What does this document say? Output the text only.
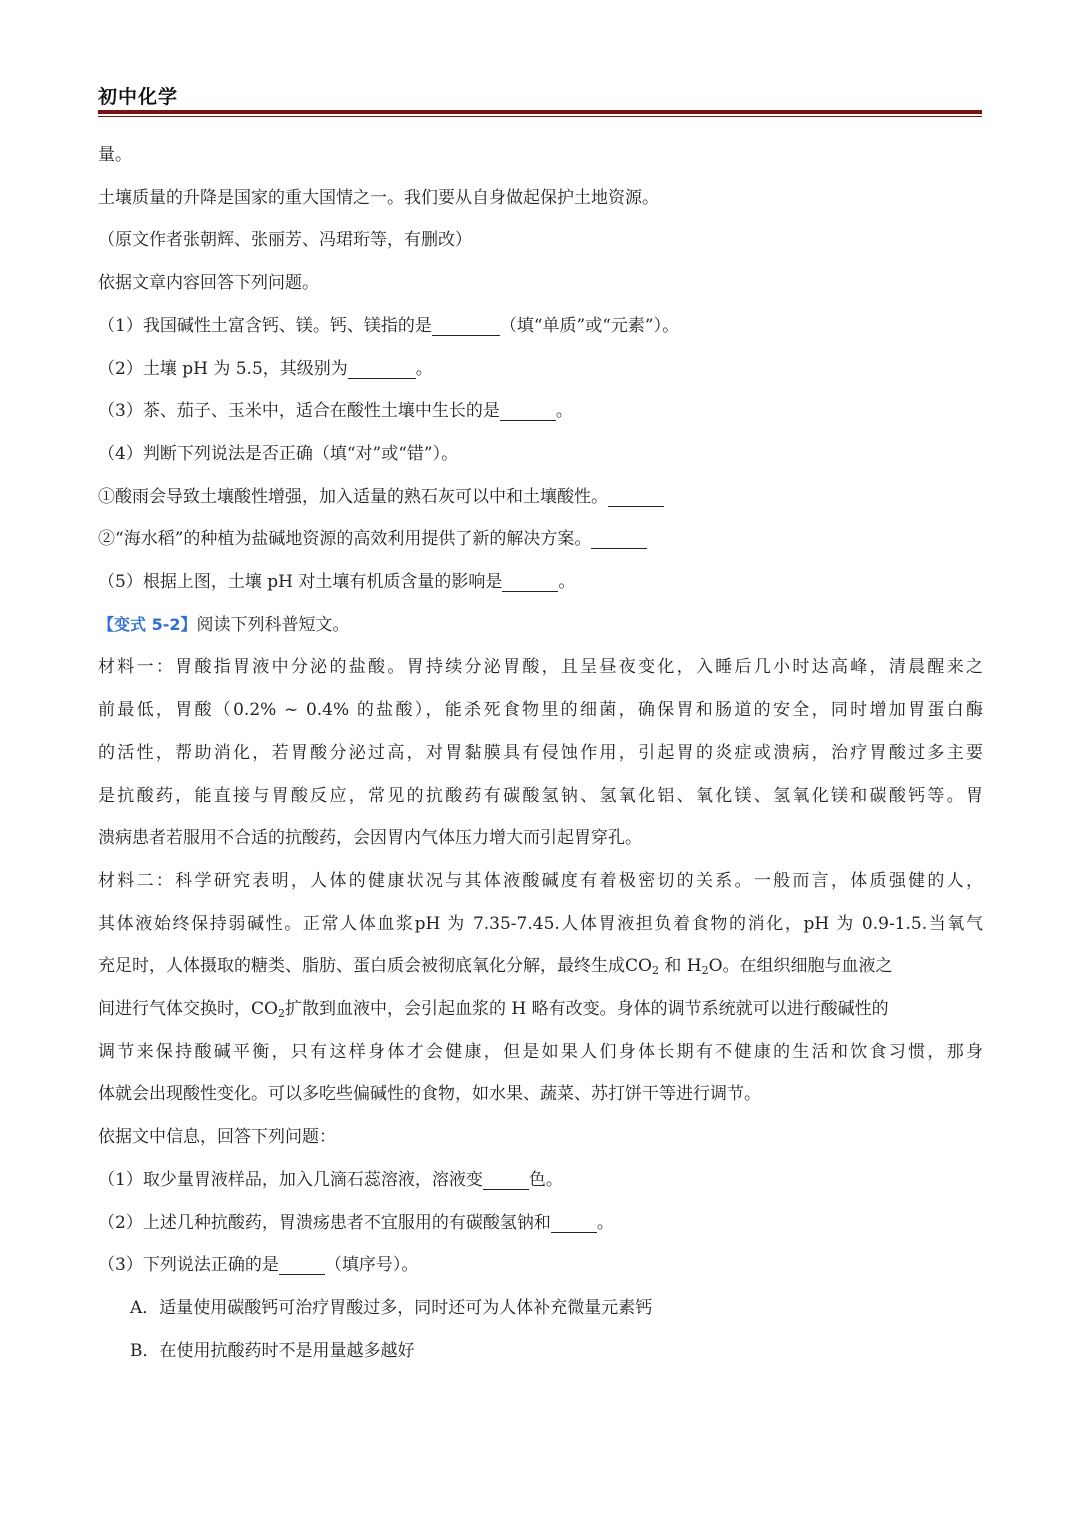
初中化学
量。
土壤质量的升降是国家的重大国情之一。我们要从自身做起保护土地资源。
（原文作者张朝辉、张丽芳、冯珺珩等，有删改）
依据文章内容回答下列问题。
（1）我国碱性土富含钙、镁。钙、镁指的是	（填“单质”或“元素”）。
（2）土壤 pH 为 5.5，其级别为	。
（3）茶、茄子、玉米中，适合在酸性土壤中生长的是	。
（4）判断下列说法是否正确（填“对”或“错”）。
①酸雨会导致土壤酸性增强，加入适量的熟石灰可以中和土壤酸性。
②“海水稻”的种植为盐碱地资源的高效利用提供了新的解决方案。
（5）根据上图，土壤 pH 对土壤有机质含量的影响是	。
【变式 5-2】阅读下列科普短文。
材料一：胃酸指胃液中分泌的盐酸。胃持续分泌胃酸，且呈昼夜变化，入睡后几小时达高峰，清晨醒来之
前最低，胃酸（0.2% ~ 0.4% 的盐酸），能杀死食物里的细菌，确保胃和肠道的安全，同时增加胃蛋白酶
的活性，帮助消化，若胃酸分泌过高，对胃黏膜具有侵蚀作用，引起胃的炎症或溃病，治疗胃酸过多主要
是抗酸药，能直接与胃酸反应，常见的抗酸药有碳酸氢钠、氢氧化铝、氧化镁、氢氧化镁和碳酸钙等。胃
溃病患者若服用不合适的抗酸药，会因胃内气体压力增大而引起胃穿孔。
材料二：科学研究表明，人体的健康状况与其体液酸碱度有着极密切的关系。一般而言，体质强健的人，
其体液始终保持弱碱性。正常人体血浆pH 为 7.35-7.45.人体胃液担负着食物的消化，pH 为 0.9-1.5.当氧气
充足时，人体摄取的糖类、脂肪、蛋白质会被彻底氧化分解，最终生成$CO_2$ 和 $H_2O$。在组织细胞与血液之
间进行气体交换时，$CO_2$扩散到血液中，会引起血浆的 H 略有改变。身体的调节系统就可以进行酸碱性的
调节来保持酸碱平衡，只有这样身体才会健康，但是如果人们身体长期有不健康的生活和饮食习惯，那身
体就会出现酸性变化。可以多吃些偏碱性的食物，如水果、蔬菜、苏打饼干等进行调节。
依据文中信息，回答下列问题：
（1）取少量胃液样品，加入几滴石蕊溶液，溶液变	色。
（2）上述几种抗酸药，胃溃疡患者不宜服用的有碳酸氢钠和	。
（3）下列说法正确的是	（填序号）。
A．适量使用碳酸钙可治疗胃酸过多，同时还可为人体补充微量元素钙
B．在使用抗酸药时不是用量越多越好
